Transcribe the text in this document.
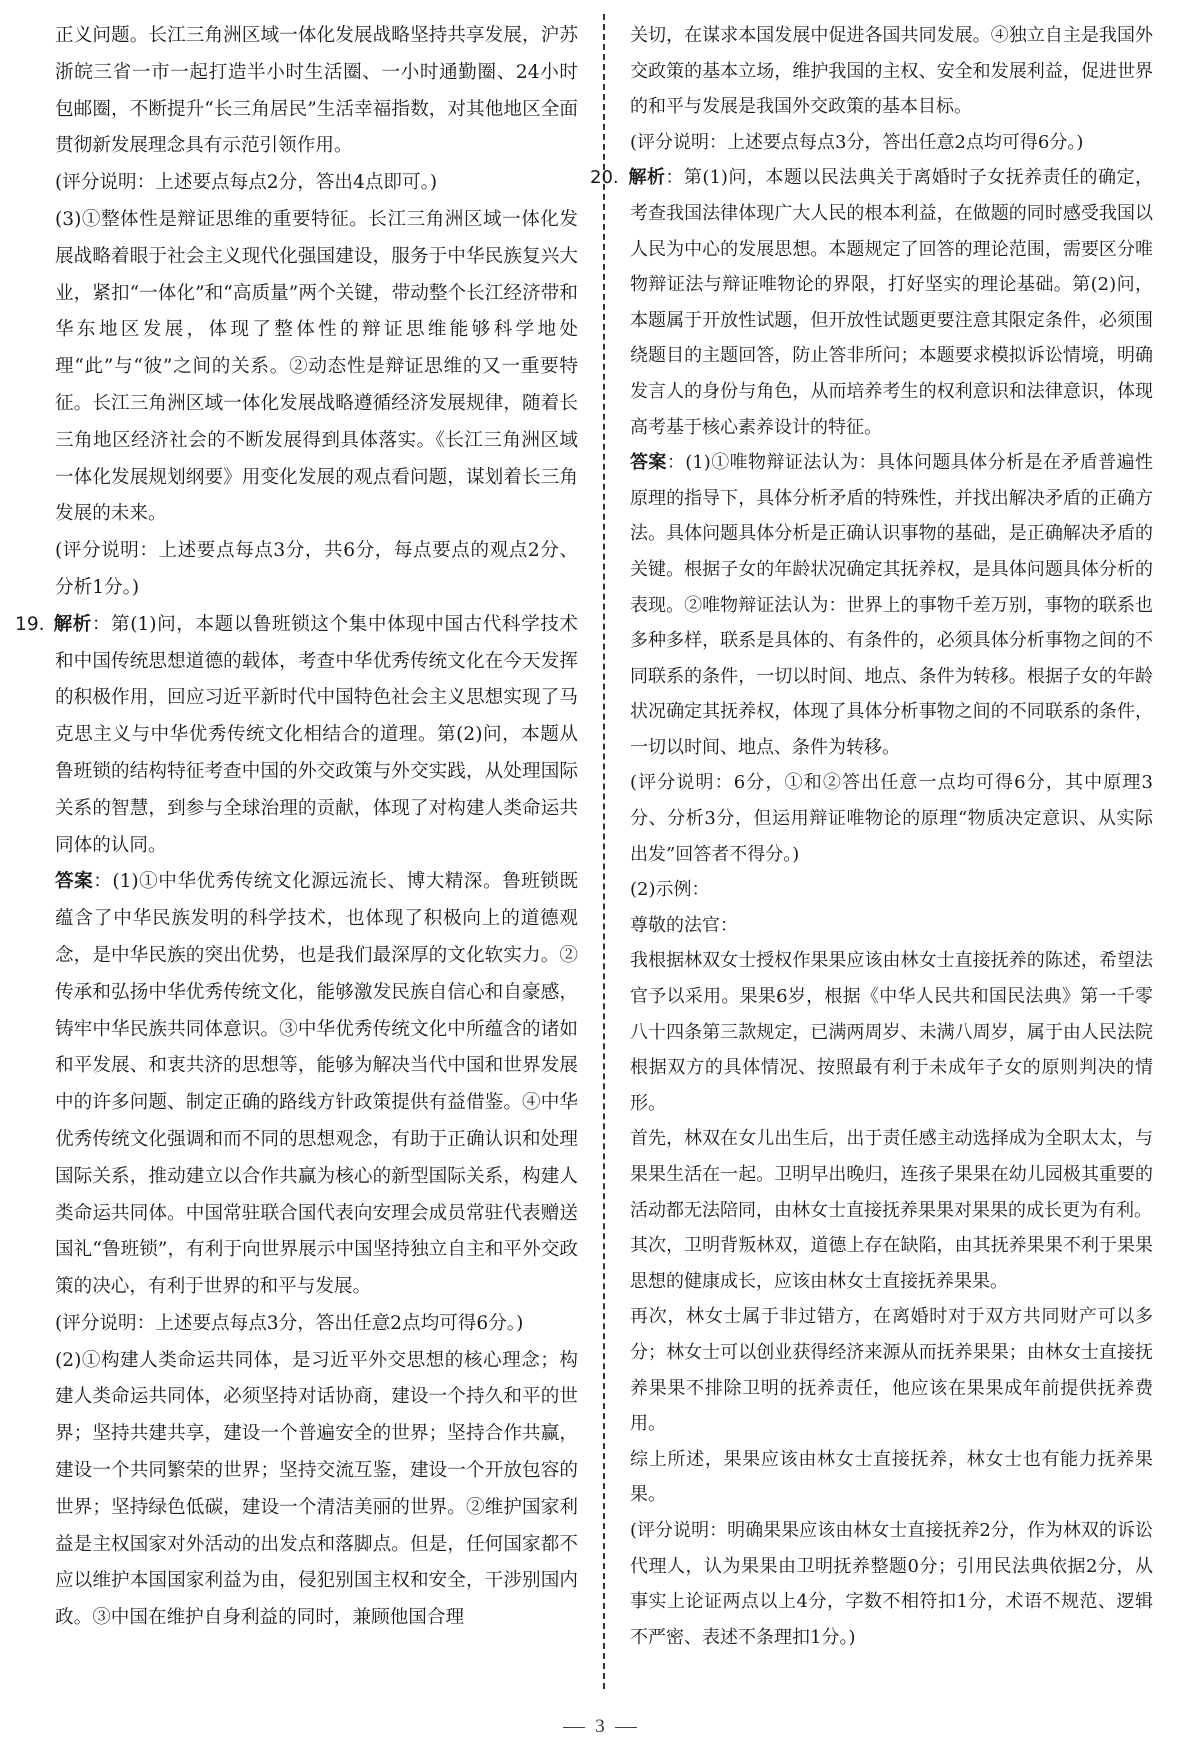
正义问题。长江三角洲区域一体化发展战略坚持共享发展，沪苏浙皖三省一市一起打造半小时生活圈、一小时通勤圈、24小时包邮圈，不断提升“长三角居民”生活幸福指数，对其他地区全面贯彻新发展理念具有示范引领作用。

(评分说明：上述要点每点2分，答出4点即可。)

(3)①整体性是辩证思维的重要特征。长江三角洲区域一体化发展战略着眼于社会主义现代化强国建设，服务于中华民族复兴大业，紧扣“一体化”和“高质量”两个关键，带动整个长江经济带和华东地区发展，体现了整体性的辩证思维能够科学地处理“此”与“彼”之间的关系。②动态性是辩证思维的又一重要特征。长江三角洲区域一体化发展战略遵循经济发展规律，随着长三角地区经济社会的不断发展得到具体落实。《长江三角洲区域一体化发展规划纲要》用变化发展的观点看问题，谋划着长三角发展的未来。

(评分说明：上述要点每点3分，共6分，每点要点的观点2分、分析1分。)

19. 解析：第(1)问，本题以鲁班锁这个集中体现中国古代科学技术和中国传统思想道德的载体，考查中华优秀传统文化在今天发挥的积极作用，回应习近平新时代中国特色社会主义思想实现了马克思主义与中华优秀传统文化相结合的道理。第(2)问，本题从鲁班锁的结构特征考查中国的外交政策与外交实践，从处理国际关系的智慧，到参与全球治理的贡献，体现了对构建人类命运共同体的认同。

答案：(1)①中华优秀传统文化源远流长、博大精深。鲁班锁既蕴含了中华民族发明的科学技术，也体现了积极向上的道德观念，是中华民族的突出优势，也是我们最深厚的文化软实力。②传承和弘扬中华优秀传统文化，能够激发民族自信心和自豪感，铸牢中华民族共同体意识。③中华优秀传统文化中所蕴含的诸如和平发展、和衷共济的思想等，能够为解决当代中国和世界发展中的许多问题、制定正确的路线方针政策提供有益借鉴。④中华优秀传统文化强调和而不同的思想观念，有助于正确认识和处理国际关系，推动建立以合作共赢为核心的新型国际关系，构建人类命运共同体。中国常驻联合国代表向安理会成员常驻代表赠送国礼“鲁班锁”，有利于向世界展示中国坚持独立自主和平外交政策的决心，有利于世界的和平与发展。

(评分说明：上述要点每点3分，答出任意2点均可得6分。)

(2)①构建人类命运共同体，是习近平外交思想的核心理念；构建人类命运共同体，必须坚持对话协商，建设一个持久和平的世界；坚持共建共享，建设一个普遍安全的世界；坚持合作共赢，建设一个共同繁荣的世界；坚持交流互鉴，建设一个开放包容的世界；坚持绿色低碳，建设一个清洁美丽的世界。②维护国家利益是主权国家对外活动的出发点和落脚点。但是，任何国家都不应以维护本国国家利益为由，侵犯别国主权和安全，干涉别国内政。③中国在维护自身利益的同时，兼顾他国合理

关切，在谋求本国发展中促进各国共同发展。④独立自主是我国外交政策的基本立场，维护我国的主权、安全和发展利益，促进世界的和平与发展是我国外交政策的基本目标。

(评分说明：上述要点每点3分，答出任意2点均可得6分。)

20. 解析：第(1)问，本题以民法典关于离婚时子女抚养责任的确定，考查我国法律体现广大人民的根本利益，在做题的同时感受我国以人民为中心的发展思想。本题规定了回答的理论范围，需要区分唯物辩证法与辩证唯物论的界限，打好坚实的理论基础。第(2)问，本题属于开放性试题，但开放性试题更要注意其限定条件，必须围绕题目的主题回答，防止答非所问；本题要求模拟诉讼情境，明确发言人的身份与角色，从而培养考生的权利意识和法律意识，体现高考基于核心素养设计的特征。

答案：(1)①唯物辩证法认为：具体问题具体分析是在矛盾普遍性原理的指导下，具体分析矛盾的特殊性，并找出解决矛盾的正确方法。具体问题具体分析是正确认识事物的基础，是正确解决矛盾的关键。根据子女的年龄状况确定其抚养权，是具体问题具体分析的表现。②唯物辩证法认为：世界上的事物千差万别，事物的联系也多种多样，联系是具体的、有条件的，必须具体分析事物之间的不同联系的条件，一切以时间、地点、条件为转移。根据子女的年龄状况确定其抚养权，体现了具体分析事物之间的不同联系的条件，一切以时间、地点、条件为转移。

(评分说明：6分，①和②答出任意一点均可得6分，其中原理3分、分析3分，但运用辩证唯物论的原理“物质决定意识、从实际出发”回答者不得分。)

(2)示例：

尊敬的法官：

我根据林双女士授权作果果应该由林女士直接抚养的陈述，希望法官予以采用。果果6岁，根据《中华人民共和国民法典》第一千零八十四条第三款规定，已满两周岁、未满八周岁，属于由人民法院根据双方的具体情况、按照最有利于未成年子女的原则判决的情形。

首先，林双在女儿出生后，出于责任感主动选择成为全职太太，与果果生活在一起。卫明早出晚归，连孩子果果在幼儿园极其重要的活动都无法陪同，由林女士直接抚养果果对果果的成长更为有利。

其次，卫明背叛林双，道德上存在缺陷，由其抚养果果不利于果果思想的健康成长，应该由林女士直接抚养果果。

再次，林女士属于非过错方，在离婚时对于双方共同财产可以多分；林女士可以创业获得经济来源从而抚养果果；由林女士直接抚养果果不排除卫明的抚养责任，他应该在果果成年前提供抚养费用。

综上所述，果果应该由林女士直接抚养，林女士也有能力抚养果果。

(评分说明：明确果果应该由林女士直接抚养2分，作为林双的诉讼代理人，认为果果由卫明抚养整题0分；引用民法典依据2分，从事实上论证两点以上4分，字数不相符扣1分，术语不规范、逻辑不严密、表述不条理扣1分。)

3
